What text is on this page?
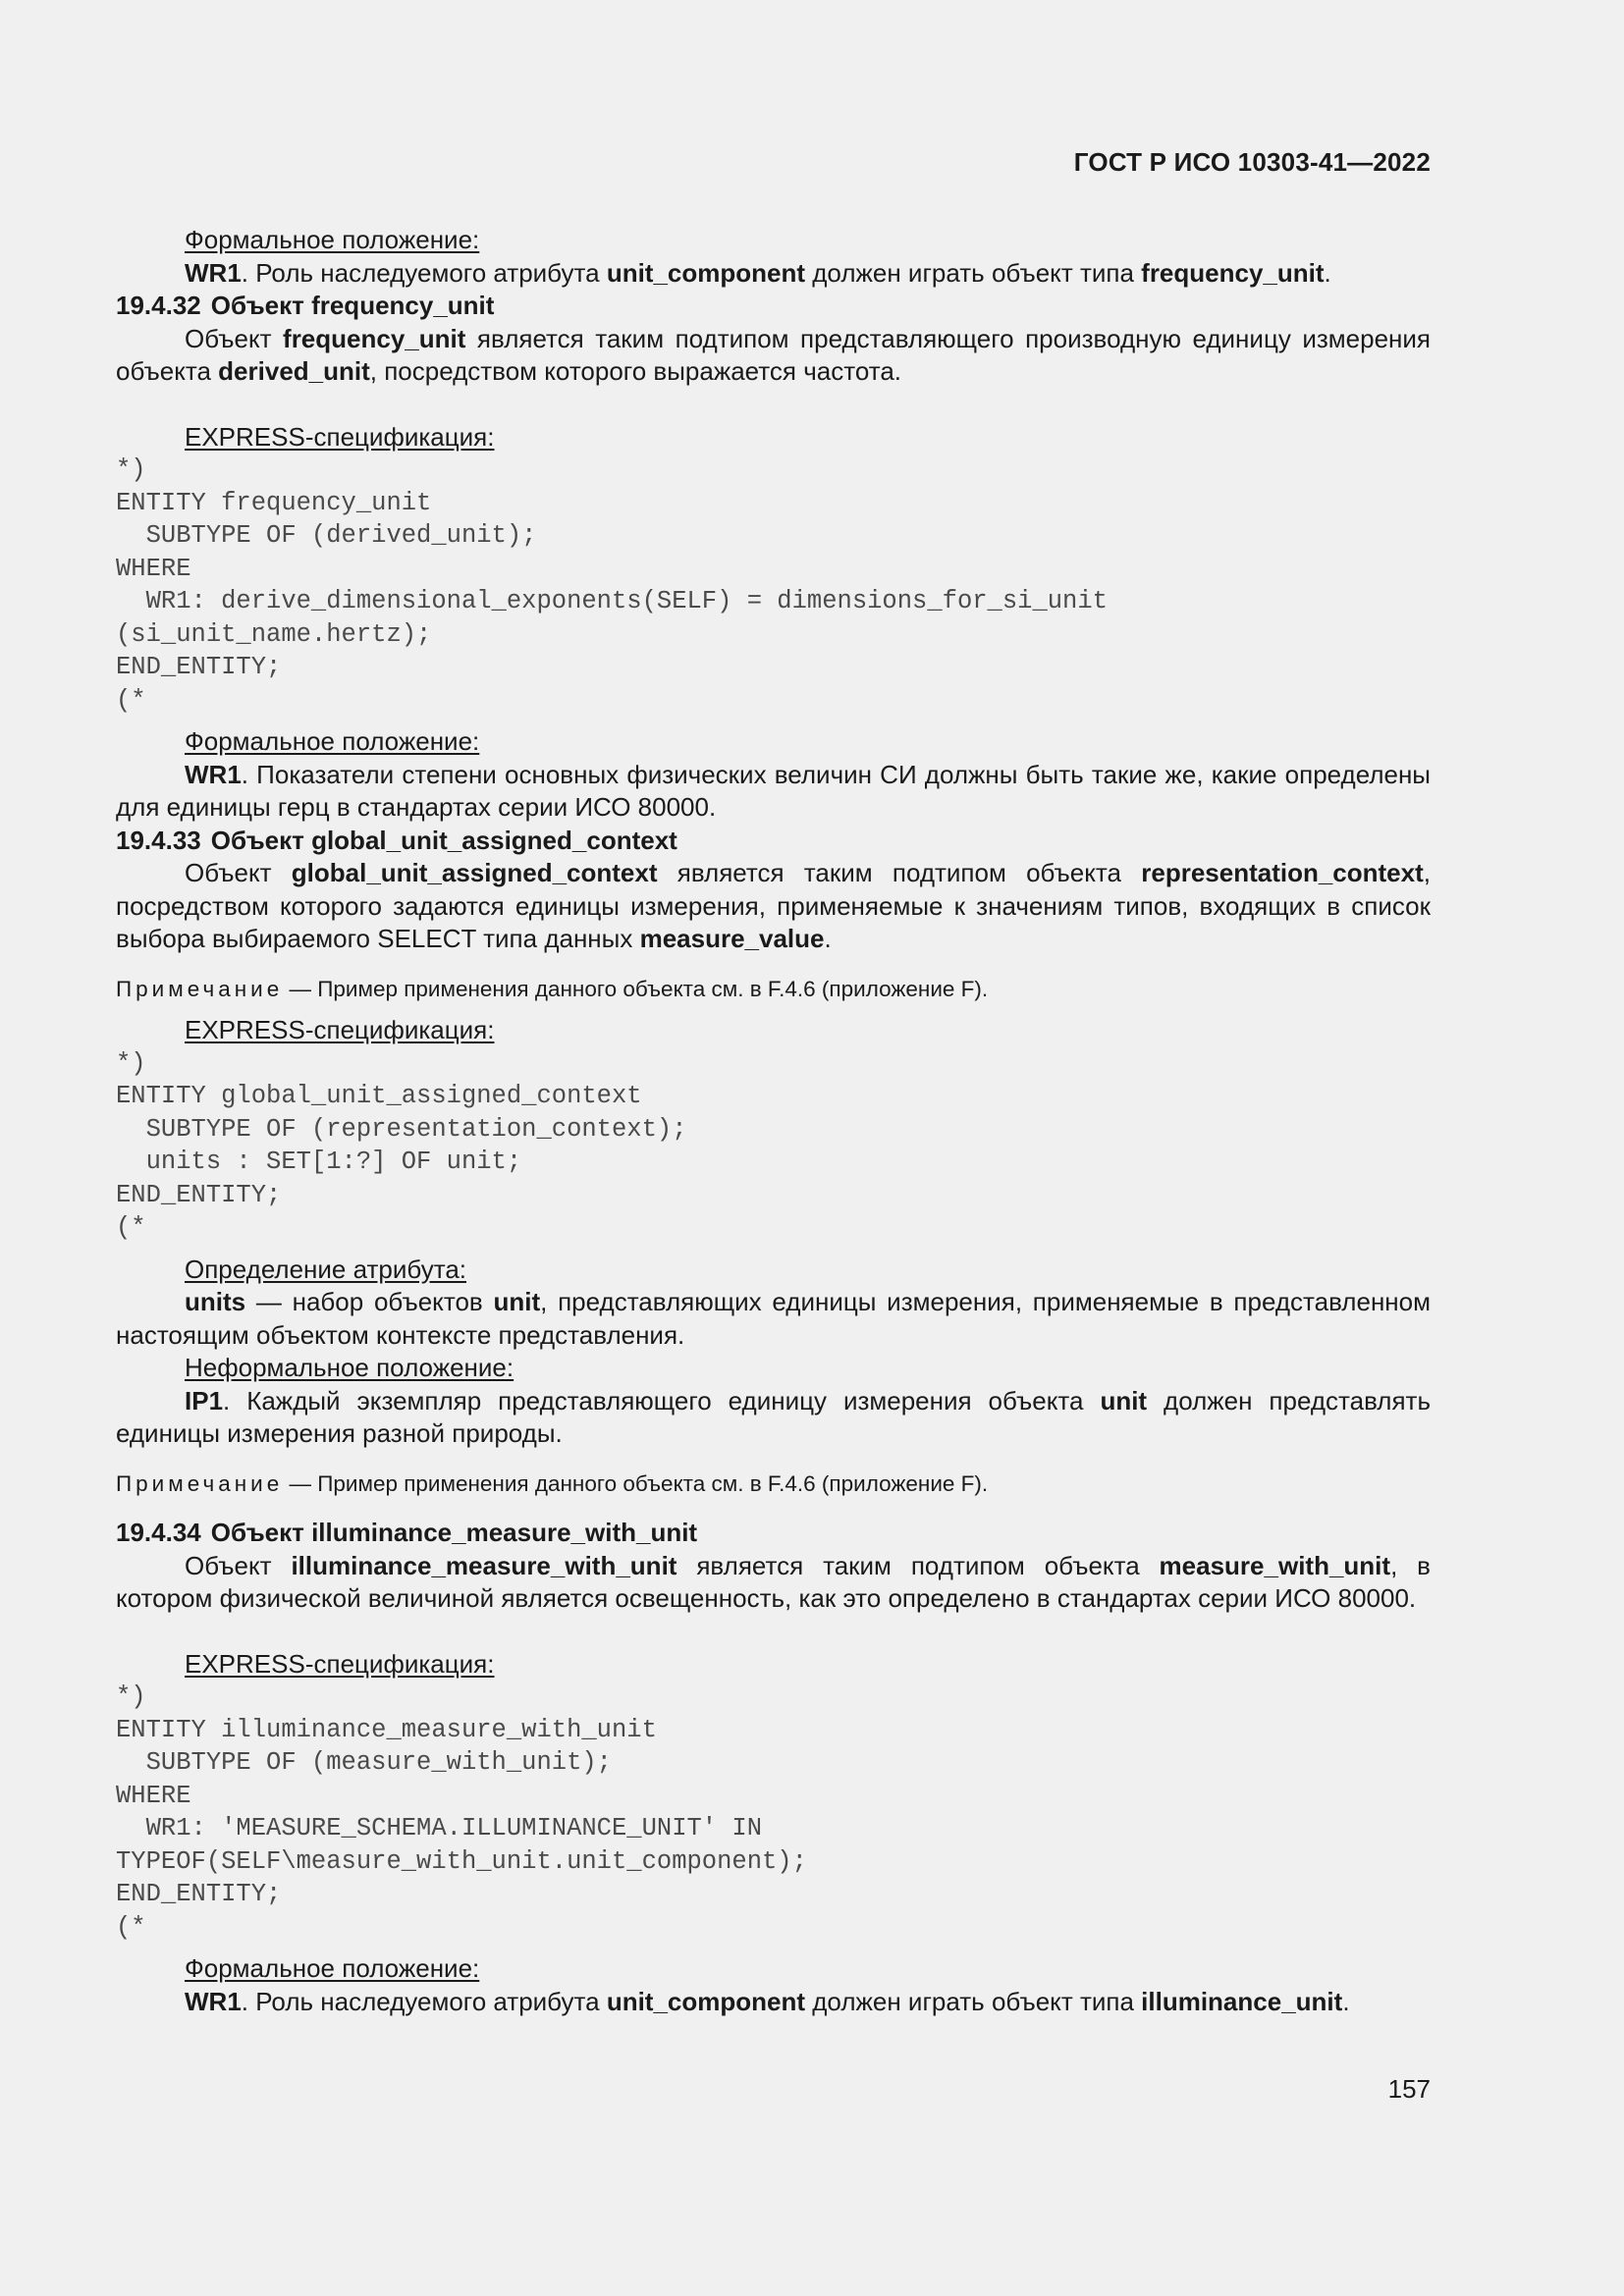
ГОСТ Р ИСО 10303-41—2022

Формальное положение:

WR1. Роль наследуемого атрибута unit_component должен играть объект типа frequency_unit.

19.4.32 Объект frequency_unit

Объект frequency_unit является таким подтипом представляющего производную единицу измерения объекта derived_unit, посредством которого выражается частота.

EXPRESS-спецификация:

*)
ENTITY frequency_unit
SUBTYPE OF (derived_unit);
WHERE
WR1: derive_dimensional_exponents(SELF) = dimensions_for_si_unit
(si_unit_name.hertz);
END_ENTITY;
(*

Формальное положение:

WR1. Показатели степени основных физических величин СИ должны быть такие же, какие определены для единицы герц в стандартах серии ИСО 80000.

19.4.33 Объект global_unit_assigned_context

Объект global_unit_assigned_context является таким подтипом объекта representation_context, посредством которого задаются единицы измерения, применяемые к значениям типов, входящих в список выбора выбираемого SELECT типа данных measure_value.

Примечание — Пример применения данного объекта см. в F.4.6 (приложение F).

EXPRESS-спецификация:

*)
ENTITY global_unit_assigned_context
SUBTYPE OF (representation_context);
units : SET[1:?] OF unit;
END_ENTITY;
(*

Определение атрибута:

units — набор объектов unit, представляющих единицы измерения, применяемые в представленном настоящим объектом контексте представления.

Неформальное положение:

IP1. Каждый экземпляр представляющего единицу измерения объекта unit должен представлять единицы измерения разной природы.

Примечание — Пример применения данного объекта см. в F.4.6 (приложение F).

19.4.34 Объект illuminance_measure_with_unit

Объект illuminance_measure_with_unit является таким подтипом объекта measure_with_unit, в котором физической величиной является освещенность, как это определено в стандартах серии ИСО 80000.

EXPRESS-спецификация:

*)
ENTITY illuminance_measure_with_unit
SUBTYPE OF (measure_with_unit);
WHERE
WR1: 'MEASURE_SCHEMA.ILLUMINANCE_UNIT' IN
TYPEOF(SELF\measure_with_unit.unit_component);
END_ENTITY;
(*

Формальное положение:

WR1. Роль наследуемого атрибута unit_component должен играть объект типа illuminance_unit.

157
